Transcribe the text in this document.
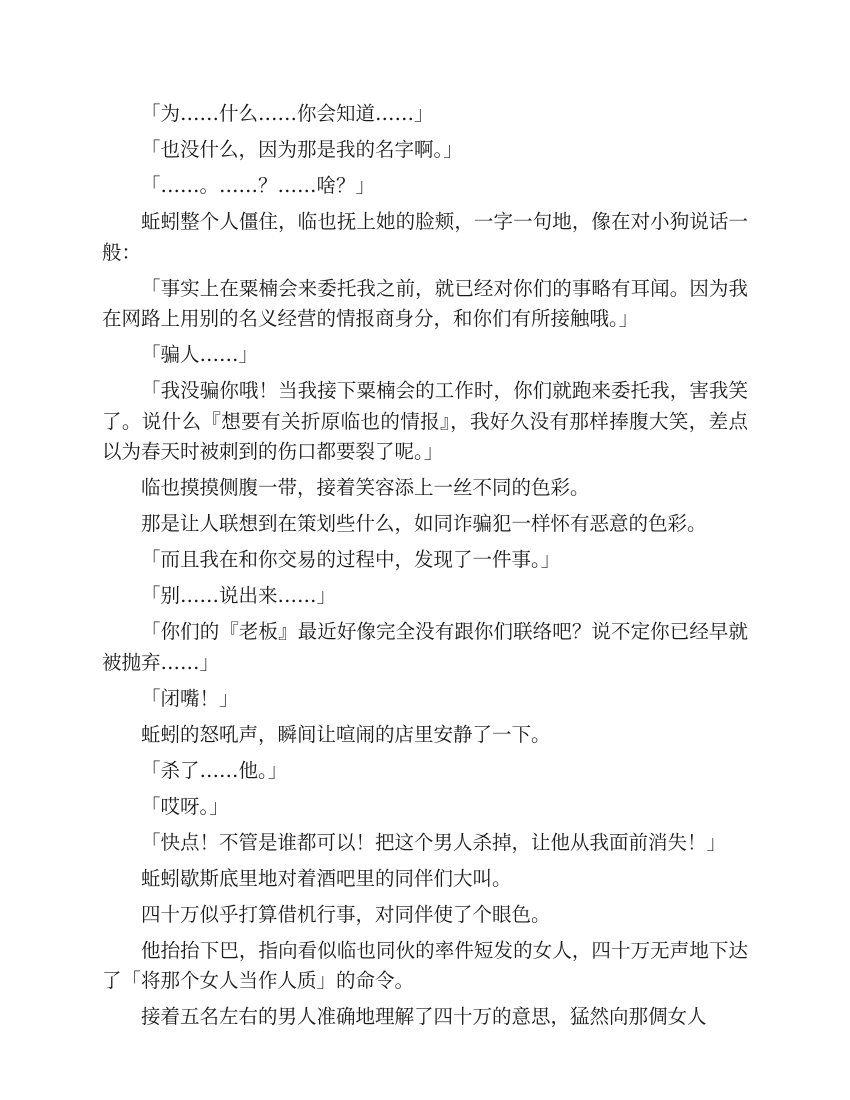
「为……什么……你会知道……」

「也没什么，因为那是我的名字啊。」

「……。……？……啥？」

蚯蚓整个人僵住，临也抚上她的脸颊，一字一句地，像在对小狗说话一般：

「事实上在粟楠会来委托我之前，就已经对你们的事略有耳闻。因为我在网路上用别的名义经营的情报商身分，和你们有所接触哦。」

「骗人……」

「我没骗你哦！当我接下粟楠会的工作时，你们就跑来委托我，害我笑了。说什么『想要有关折原临也的情报』，我好久没有那样捧腹大笑，差点以为春天时被刺到的伤口都要裂了呢。」

临也摸摸侧腹一带，接着笑容添上一丝不同的色彩。

那是让人联想到在策划些什么，如同诈骗犯一样怀有恶意的色彩。

「而且我在和你交易的过程中，发现了一件事。」

「别……说出来……」

「你们的『老板』最近好像完全没有跟你们联络吧？说不定你已经早就被抛弃……」

「闭嘴！」

蚯蚓的怒吼声，瞬间让喧闹的店里安静了一下。

「杀了……他。」

「哎呀。」

「快点！不管是谁都可以！把这个男人杀掉，让他从我面前消失！」

蚯蚓歇斯底里地对着酒吧里的同伴们大叫。

四十万似乎打算借机行事，对同伴使了个眼色。

他抬抬下巴，指向看似临也同伙的率件短发的女人，四十万无声地下达了「将那个女人当作人质」的命令。

接着五名左右的男人准确地理解了四十万的意思，猛然向那倜女人
